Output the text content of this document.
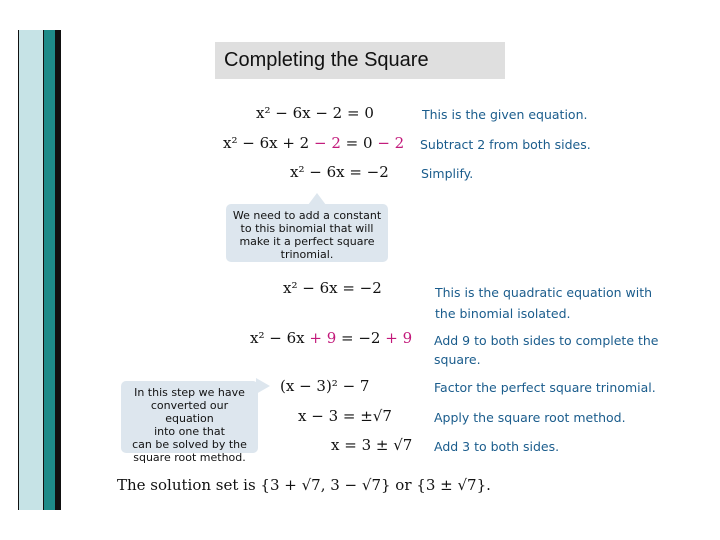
Completing the Square
x² − 6x − 2 = 0	This is the given equation.
x² − 6x + 2 − 2 = 0 − 2 Subtract 2 from both sides.
x² − 6x = −2	Simplify.
We need to add a constant
to this binomial that will
make it a perfect square
trinomial.
x² − 6x = −2	This is the quadratic equation with
the binomial isolated.
x² − 6x + 9 = −2 + 9 Add 9 to both sides to complete the
square.
In this step we have
converted our equation
into one that
can be solved by the
square root method.
(x − 3)² − 7	Factor the perfect square trinomial.
x − 3 = ±√7	Apply the square root method.
x = 3 ± √7 Add 3 to both sides.
The solution set is {3 + √7, 3 − √7} or {3 ± √7}.
